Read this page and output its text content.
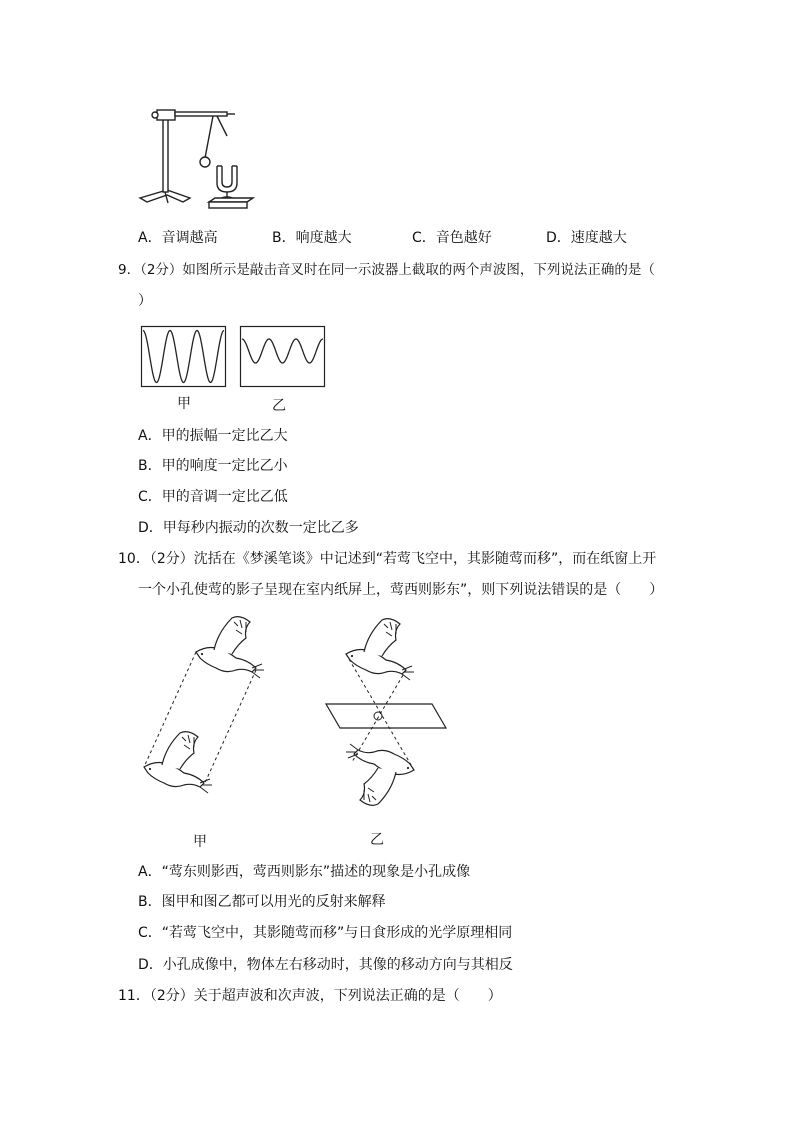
A．音调越高	B．响度越大	C．音色越好	D．速度越大
9．（2分）如图所示是敲击音叉时在同一示波器上截取的两个声波图，下列说法正确的是（
）
甲	乙
A．甲的振幅一定比乙大
B．甲的响度一定比乙小
C．甲的音调一定比乙低
D．甲每秒内振动的次数一定比乙多
10．（2分）沈括在《梦溪笔谈》中记述到“若莺飞空中，其影随莺而移”，而在纸窗上开
一个小孔使莺的影子呈现在室内纸屏上，莺西则影东”，则下列说法错误的是（　　）
甲	乙
A．“莺东则影西，莺西则影东”描述的现象是小孔成像
B．图甲和图乙都可以用光的反射来解释
C．“若莺飞空中，其影随莺而移”与日食形成的光学原理相同
D．小孔成像中，物体左右移动时，其像的移动方向与其相反
11．（2分）关于超声波和次声波，下列说法正确的是（　　）
